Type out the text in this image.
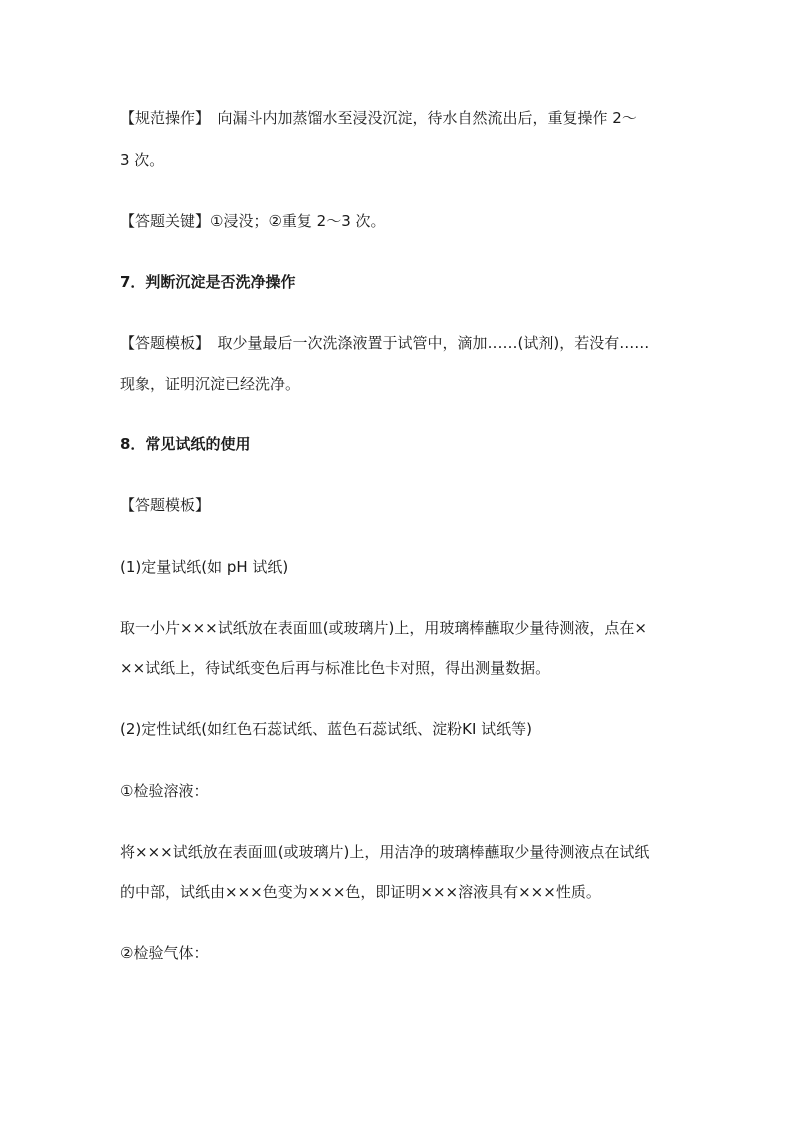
【规范操作】　向漏斗内加蒸馏水至浸没沉淀，待水自然流出后，重复操作 2～
3 次。
【答题关键】①浸没；②重复 2～3 次。
7．判断沉淀是否洗净操作
【答题模板】　取少量最后一次洗涤液置于试管中，滴加……(试剂)，若没有……
现象，证明沉淀已经洗净。
8．常见试纸的使用
【答题模板】
(1)定量试纸(如 pH 试纸)
取一小片×××试纸放在表面皿(或玻璃片)上，用玻璃棒蘸取少量待测液，点在×
××试纸上，待试纸变色后再与标准比色卡对照，得出测量数据。
(2)定性试纸(如红色石蕊试纸、蓝色石蕊试纸、淀粉KI 试纸等)
①检验溶液：
将×××试纸放在表面皿(或玻璃片)上，用洁净的玻璃棒蘸取少量待测液点在试纸
的中部，试纸由×××色变为×××色，即证明×××溶液具有×××性质。
②检验气体：
